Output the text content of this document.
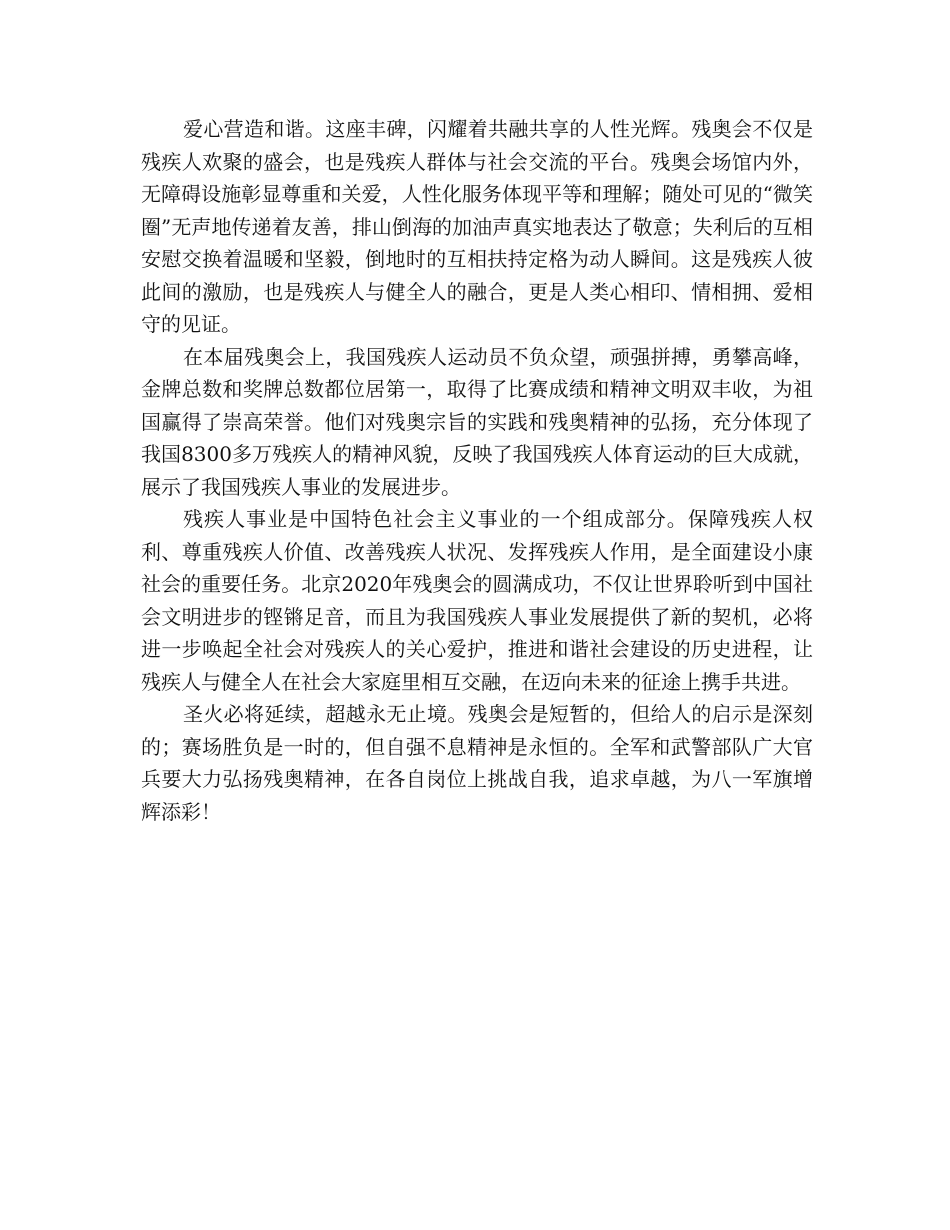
爱心营造和谐。这座丰碑，闪耀着共融共享的人性光辉。残奥会不仅是残疾人欢聚的盛会，也是残疾人群体与社会交流的平台。残奥会场馆内外，无障碍设施彰显尊重和关爱，人性化服务体现平等和理解；随处可见的“微笑圈”无声地传递着友善，排山倒海的加油声真实地表达了敬意；失利后的互相安慰交换着温暖和坚毅，倒地时的互相扶持定格为动人瞬间。这是残疾人彼此间的激励，也是残疾人与健全人的融合，更是人类心相印、情相拥、爱相守的见证。

在本届残奥会上，我国残疾人运动员不负众望，顽强拼搏，勇攀高峰，金牌总数和奖牌总数都位居第一，取得了比赛成绩和精神文明双丰收，为祖国赢得了崇高荣誉。他们对残奥宗旨的实践和残奥精神的弘扬，充分体现了我国8300多万残疾人的精神风貌，反映了我国残疾人体育运动的巨大成就，展示了我国残疾人事业的发展进步。

残疾人事业是中国特色社会主义事业的一个组成部分。保障残疾人权利、尊重残疾人价值、改善残疾人状况、发挥残疾人作用，是全面建设小康社会的重要任务。北京2020年残奥会的圆满成功，不仅让世界聆听到中国社会文明进步的铿锵足音，而且为我国残疾人事业发展提供了新的契机，必将进一步唤起全社会对残疾人的关心爱护，推进和谐社会建设的历史进程，让残疾人与健全人在社会大家庭里相互交融，在迈向未来的征途上携手共进。

圣火必将延续，超越永无止境。残奥会是短暂的，但给人的启示是深刻的；赛场胜负是一时的，但自强不息精神是永恒的。全军和武警部队广大官兵要大力弘扬残奥精神，在各自岗位上挑战自我，追求卓越，为八一军旗增辉添彩！
